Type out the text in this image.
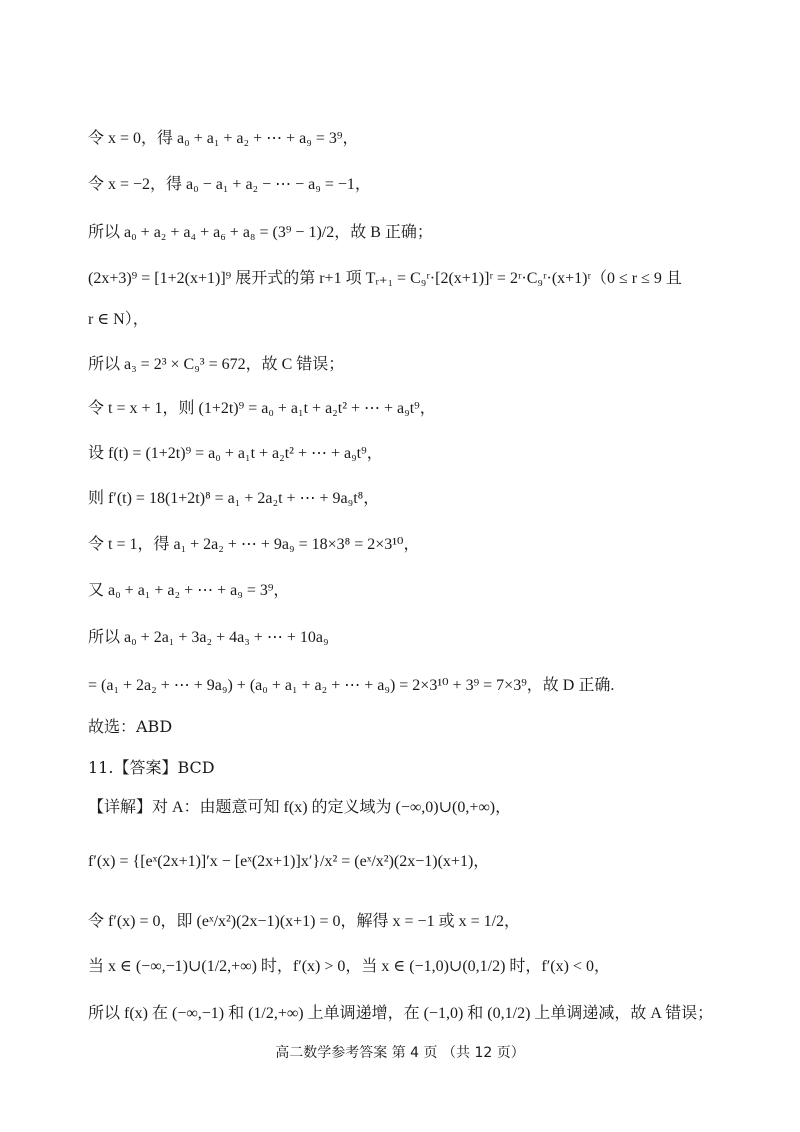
令 x = 0，得 a₀ + a₁ + a₂ + ⋯ + a₉ = 3⁹，
令 x = −2，得 a₀ − a₁ + a₂ − ⋯ − a₉ = −1，
所以 a₀ + a₂ + a₄ + a₆ + a₈ = (3⁹ − 1)/2，故 B 正确；
(2x+3)⁹ = [1+2(x+1)]⁹ 展开式的第 r+1 项 Tᵣ₊₁ = C₉ʳ·[2(x+1)]ʳ = 2ʳ·C₉ʳ·(x+1)ʳ（0 ≤ r ≤ 9 且
r ∈ N），
所以 a₃ = 2³ × C₉³ = 672，故 C 错误；
令 t = x + 1，则 (1+2t)⁹ = a₀ + a₁t + a₂t² + ⋯ + a₉t⁹，
设 f(t) = (1+2t)⁹ = a₀ + a₁t + a₂t² + ⋯ + a₉t⁹，
则 f′(t) = 18(1+2t)⁸ = a₁ + 2a₂t + ⋯ + 9a₉t⁸，
令 t = 1，得 a₁ + 2a₂ + ⋯ + 9a₉ = 18×3⁸ = 2×3¹⁰，
又 a₀ + a₁ + a₂ + ⋯ + a₉ = 3⁹，
所以 a₀ + 2a₁ + 3a₂ + 4a₃ + ⋯ + 10a₉
= (a₁ + 2a₂ + ⋯ + 9a₉) + (a₀ + a₁ + a₂ + ⋯ + a₉) = 2×3¹⁰ + 3⁹ = 7×3⁹，故 D 正确.
故选：ABD
11.【答案】BCD
【详解】对 A：由题意可知 f(x) 的定义域为 (−∞,0)∪(0,+∞)，
f′(x) = {[eˣ(2x+1)]′x − [eˣ(2x+1)]x′}/x² = (eˣ/x²)(2x−1)(x+1)，
令 f′(x) = 0，即 (eˣ/x²)(2x−1)(x+1) = 0，解得 x = −1 或 x = 1/2，
当 x ∈ (−∞,−1)∪(1/2,+∞) 时，f′(x) > 0，当 x ∈ (−1,0)∪(0,1/2) 时，f′(x) < 0，
所以 f(x) 在 (−∞,−1) 和 (1/2,+∞) 上单调递增，在 (−1,0) 和 (0,1/2) 上单调递减，故 A 错误；
高二数学参考答案 第 4 页 （共 12 页）
